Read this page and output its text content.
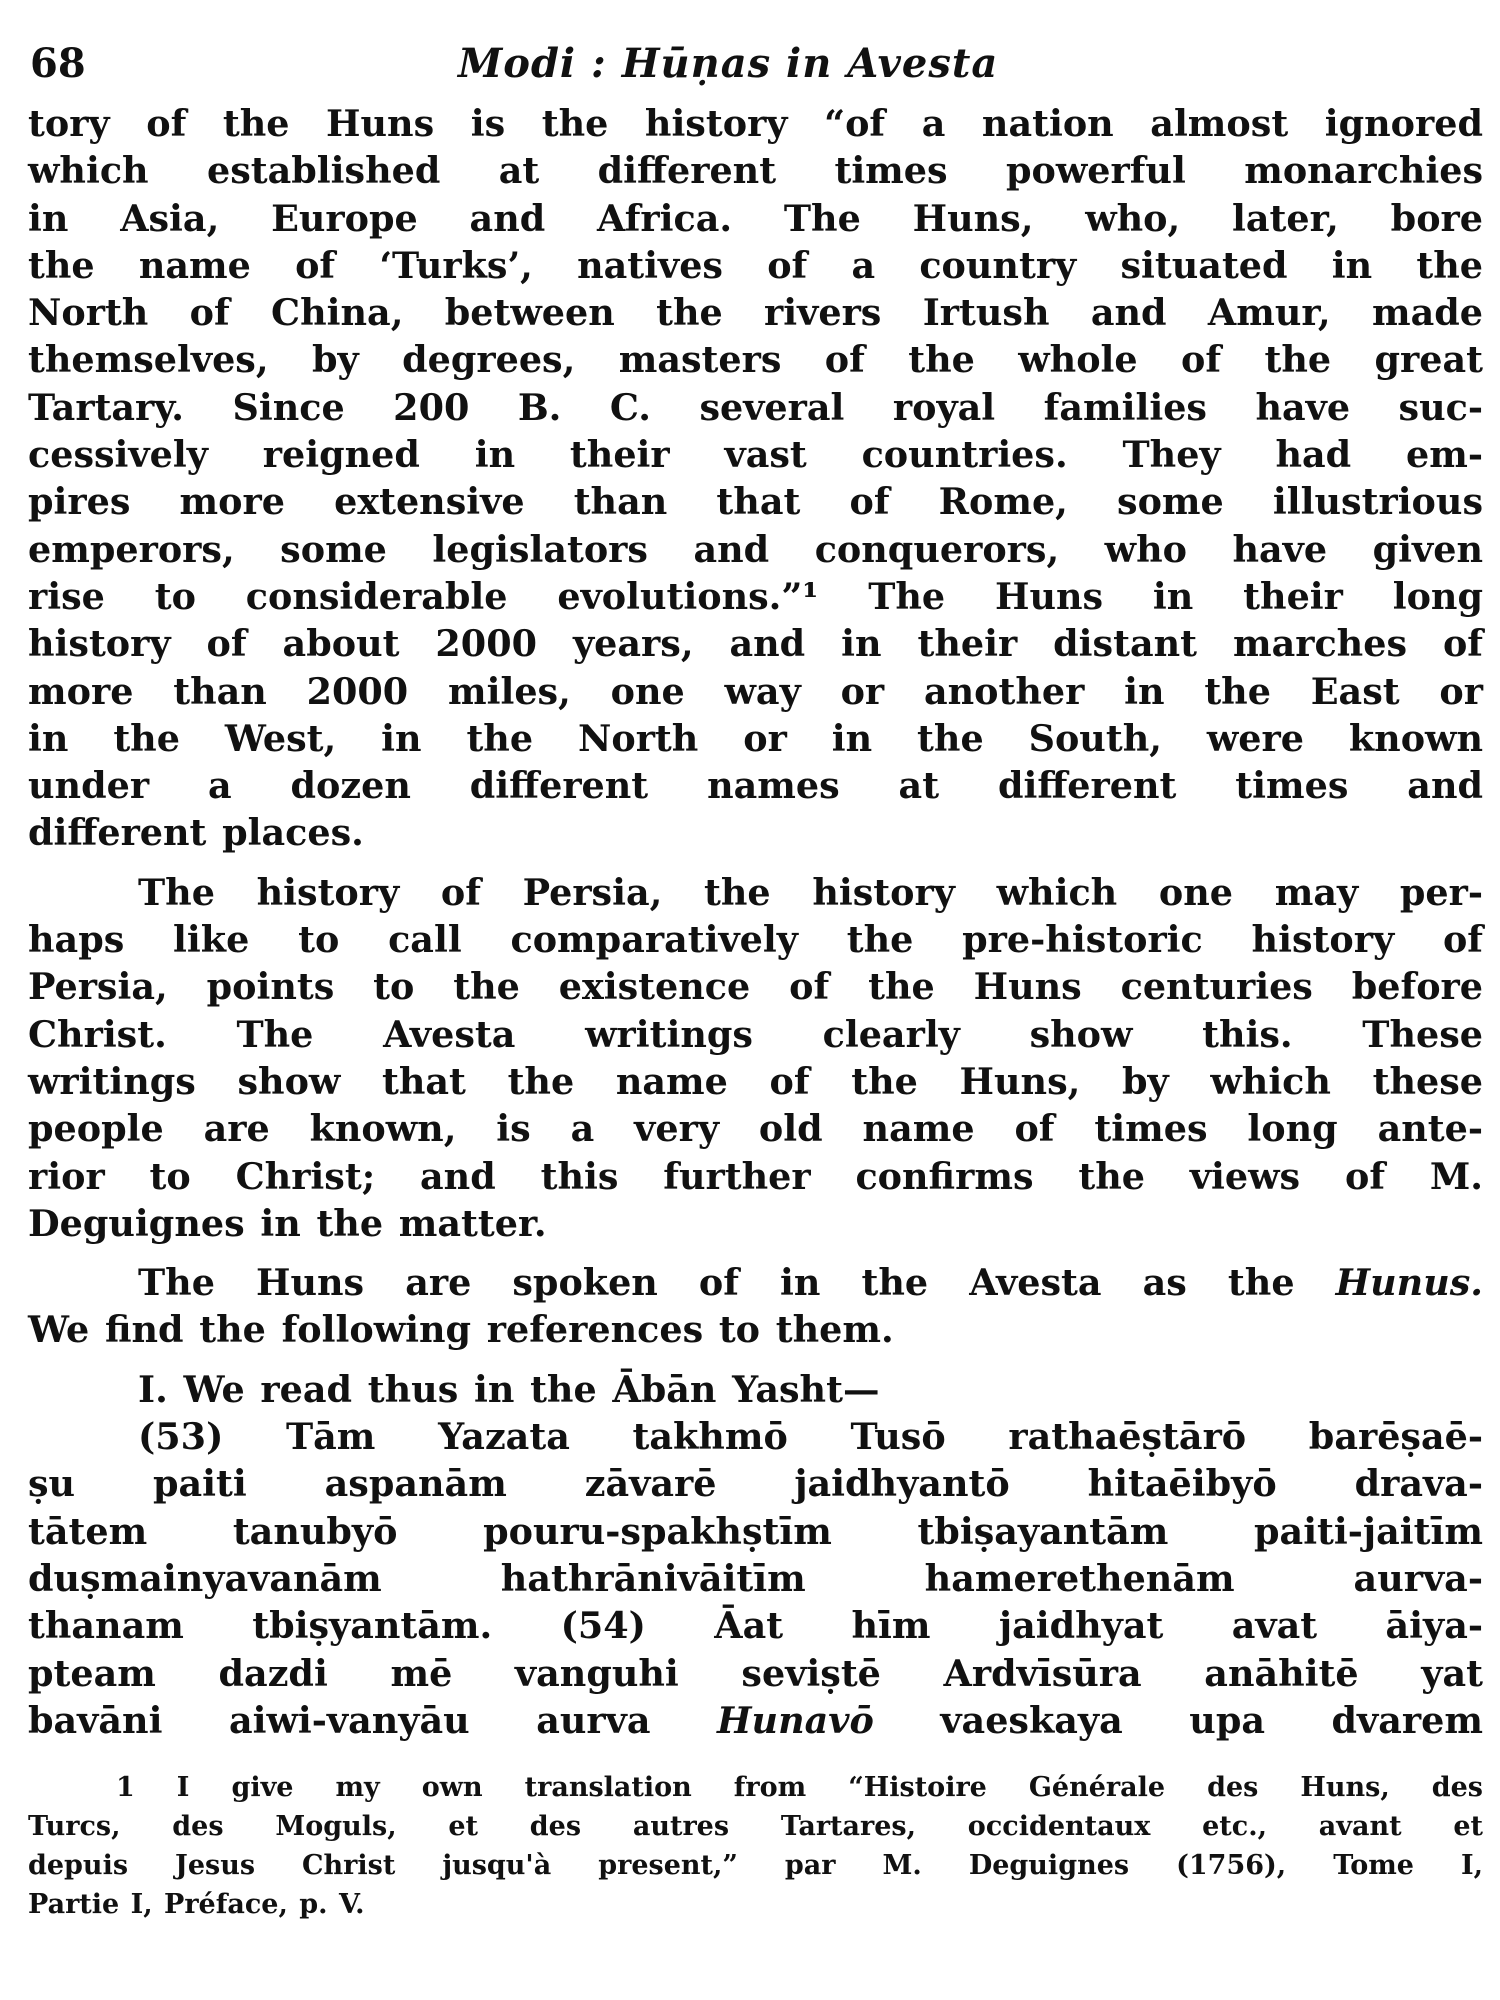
68	Modi : Hūṇas in Avesta
tory of the Huns is the history “of a nation almost ignored
which established at different times powerful monarchies
in Asia, Europe and Africa. The Huns, who, later, bore
the name of ‘Turks’, natives of a country situated in the
North of China, between the rivers Irtush and Amur, made
themselves, by degrees, masters of the whole of the great
Tartary. Since 200 B. C. several royal families have suc-
cessively reigned in their vast countries. They had em-
pires more extensive than that of Rome, some illustrious
emperors, some legislators and conquerors, who have given
rise to considerable evolutions.”¹ The Huns in their long
history of about 2000 years, and in their distant marches of
more than 2000 miles, one way or another in the East or
in the West, in the North or in the South, were known
under a dozen different names at different times and
different places.
The history of Persia, the history which one may per-
haps like to call comparatively the pre-historic history of
Persia, points to the existence of the Huns centuries before
Christ. The Avesta writings clearly show this. These
writings show that the name of the Huns, by which these
people are known, is a very old name of times long ante-
rior to Christ; and this further confirms the views of M.
Deguignes in the matter.
The Huns are spoken of in the Avesta as the Hunus.
We find the following references to them.
I. We read thus in the Ābān Yasht—
(53) Tām Yazata takhmō Tusō rathaēṣtārō barēṣaē-
ṣu paiti aspanām zāvarē jaidhyantō hitaēibyō drava-
tātem tanubyō pouru-spakhṣtīm tbiṣayantām paiti-jaitīm
duṣmainyavanām hathrānivāitīm hamerethenām aurva-
thanam tbiṣyantām. (54) Āat hīm jaidhyat avat āiya-
pteam dazdi mē vanguhi seviṣtē Ardvīsūra anāhitē yat
bavāni aiwi-vanyāu aurva Hunavō vaeskaya upa dvarem
1 I give my own translation from “Histoire Générale des Huns, des
Turcs, des Moguls, et des autres Tartares, occidentaux etc., avant et
depuis Jesus Christ jusqu'à present,” par M. Deguignes (1756), Tome I,
Partie I, Préface, p. V.
